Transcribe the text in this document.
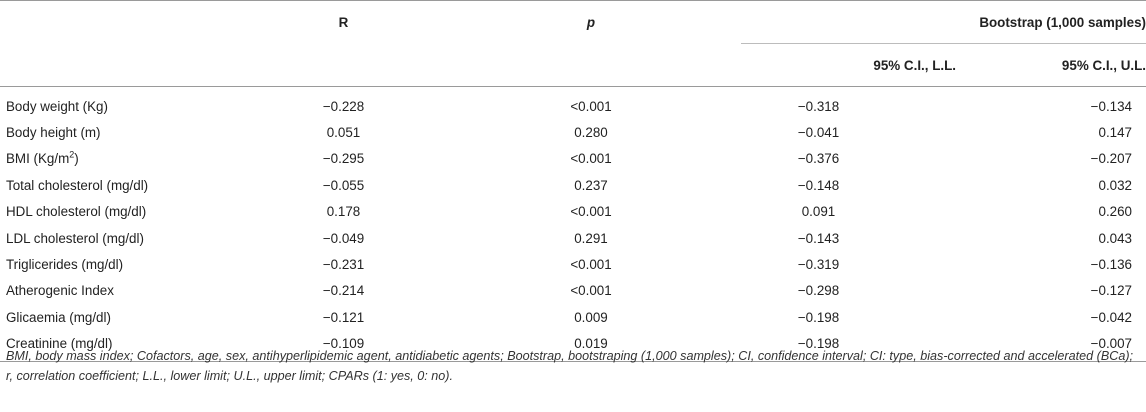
	R	p	Bootstrap (1,000 samples)	
			95% C.I., L.L.	95% C.I., U.L.
Body weight (Kg)	−0.228	<0.001	−0.318	−0.134
Body height (m)	0.051	0.280	−0.041	0.147
BMI $(Kg/m^2)$	−0.295	<0.001	−0.376	−0.207
Total cholesterol (mg/dl)	−0.055	0.237	−0.148	0.032
HDL cholesterol (mg/dl)	0.178	<0.001	0.091	0.260
LDL cholesterol (mg/dl)	−0.049	0.291	−0.143	0.043
Triglicerides (mg/dl)	−0.231	<0.001	−0.319	−0.136
Atherogenic Index	−0.214	<0.001	−0.298	−0.127
Glicaemia (mg/dl)	−0.121	0.009	−0.198	−0.042
Creatinine (mg/dl)	−0.109	0.019	−0.198	−0.007
BMI, body mass index; Cofactors, age, sex, antihyperlipidemic agent, antidiabetic agents; Bootstrap, bootstraping (1,000 samples); CI, confidence interval; CI: type, bias-corrected and accelerated (BCa); r, correlation coefficient; L.L., lower limit; U.L., upper limit; CPARs (1: yes, 0: no).
